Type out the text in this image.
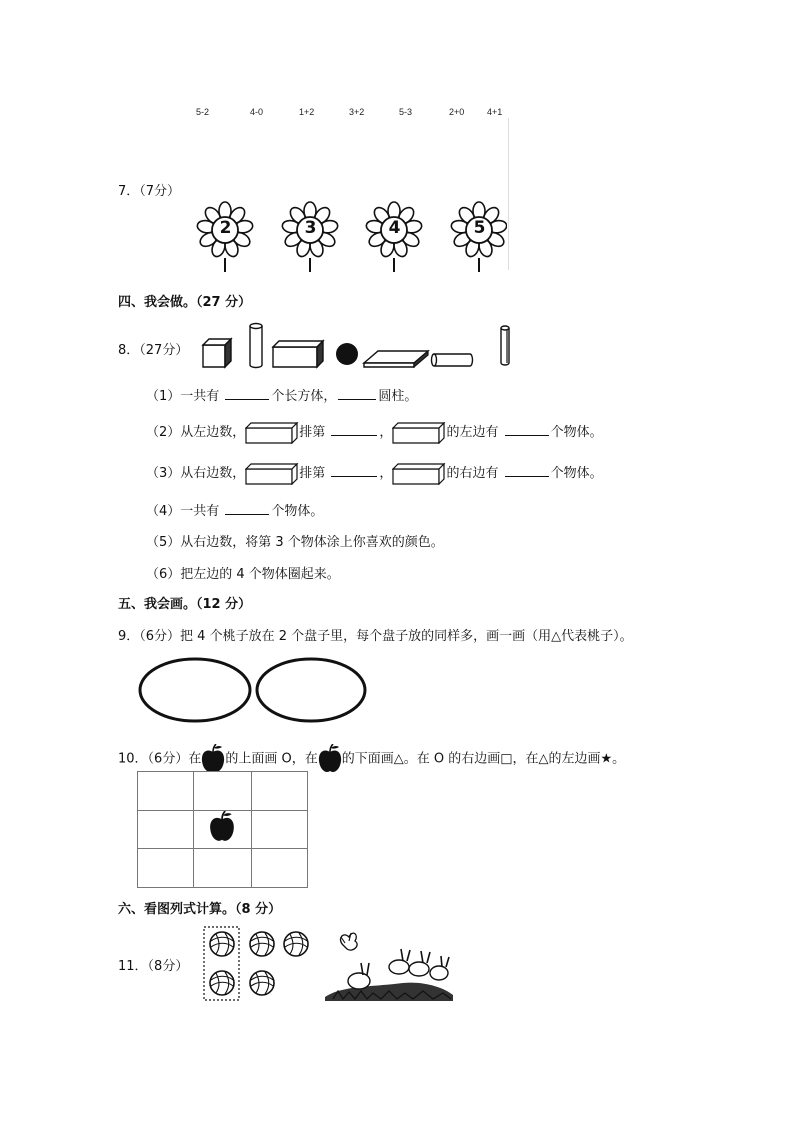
5-2	4-0	1+2	3+2	5-3	2+0	4+1
7．（7分）
2	3	4	5
四、我会做。（27 分）
8．（27分）
（1）一共有	个长方体，	圆柱。
（2）从左边数，	排第	，	的左边有	个物体。
（3）从右边数，	排第	，	的右边有	个物体。
（4）一共有	个物体。
（5）从右边数，将第 3 个物体涂上你喜欢的颜色。
（6）把左边的 4 个物体圈起来。
五、我会画。（12 分）
9．（6分）把 4 个桃子放在 2 个盘子里，每个盘子放的同样多，画一画（用△代表桃子）。
10．（6分）在 的上面画 O，在 的下面画△。在 O 的右边画□，在△的左边画★。

六、看图列式计算。（8 分）
11．（8分）
